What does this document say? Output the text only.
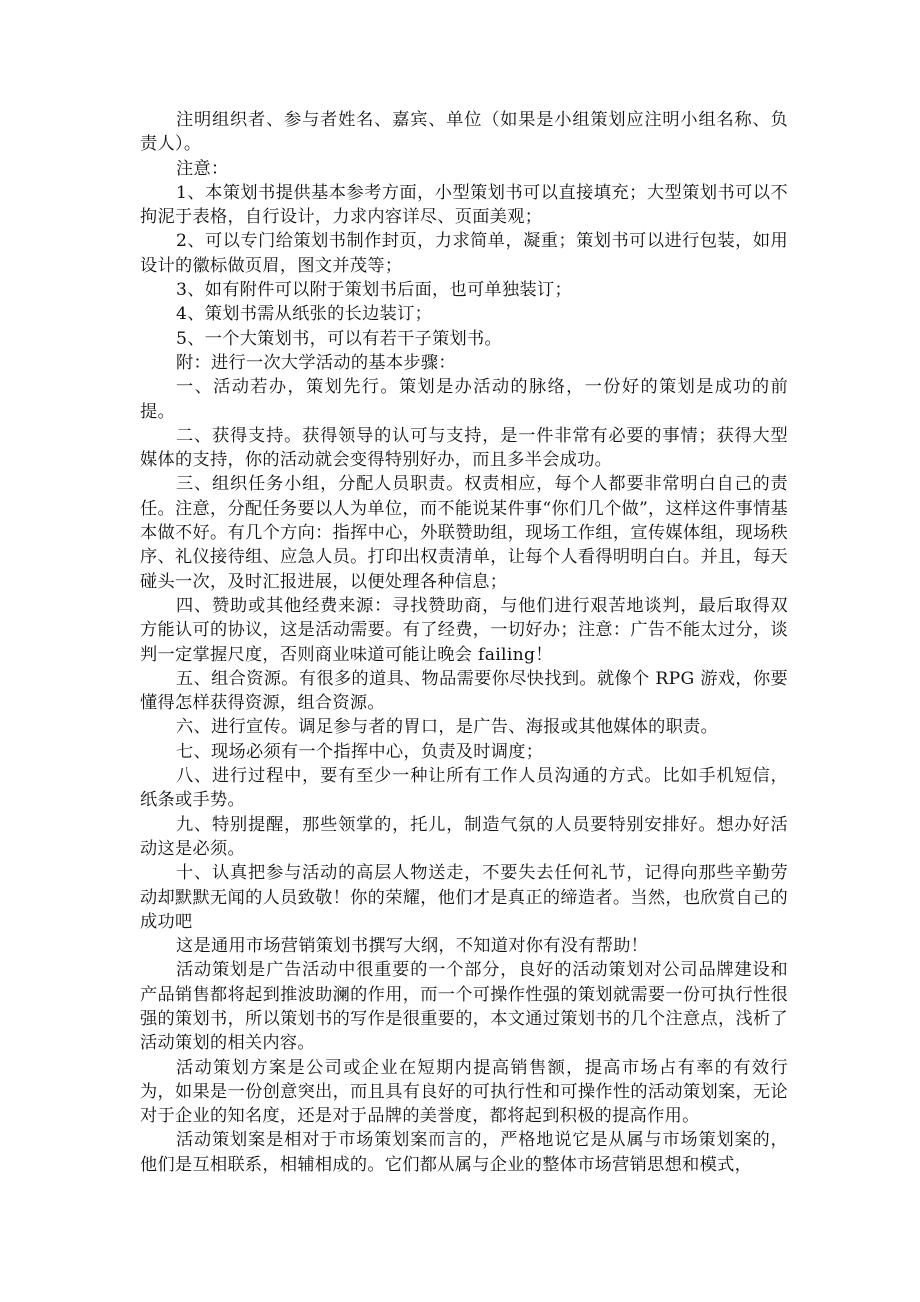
注明组织者、参与者姓名、嘉宾、单位（如果是小组策划应注明小组名称、负责人）。

注意：

1、本策划书提供基本参考方面，小型策划书可以直接填充；大型策划书可以不拘泥于表格，自行设计，力求内容详尽、页面美观；

2、可以专门给策划书制作封页，力求简单，凝重；策划书可以进行包装，如用设计的徽标做页眉，图文并茂等；

3、如有附件可以附于策划书后面，也可单独装订；

4、策划书需从纸张的长边装订；

5、一个大策划书，可以有若干子策划书。

附：进行一次大学活动的基本步骤：

一、活动若办，策划先行。策划是办活动的脉络，一份好的策划是成功的前提。

二、获得支持。获得领导的认可与支持，是一件非常有必要的事情；获得大型媒体的支持，你的活动就会变得特别好办，而且多半会成功。

三、组织任务小组，分配人员职责。权责相应，每个人都要非常明白自己的责任。注意，分配任务要以人为单位，而不能说某件事“你们几个做”，这样这件事情基本做不好。有几个方向：指挥中心，外联赞助组，现场工作组，宣传媒体组，现场秩序、礼仪接待组、应急人员。打印出权责清单，让每个人看得明明白白。并且，每天碰头一次，及时汇报进展，以便处理各种信息；

四、赞助或其他经费来源：寻找赞助商，与他们进行艰苦地谈判，最后取得双方能认可的协议，这是活动需要。有了经费，一切好办；注意：广告不能太过分，谈判一定掌握尺度，否则商业味道可能让晚会 failing！

五、组合资源。有很多的道具、物品需要你尽快找到。就像个 RPG 游戏，你要懂得怎样获得资源，组合资源。

六、进行宣传。调足参与者的胃口，是广告、海报或其他媒体的职责。

七、现场必须有一个指挥中心，负责及时调度；

八、进行过程中，要有至少一种让所有工作人员沟通的方式。比如手机短信，纸条或手势。

九、特别提醒，那些领掌的，托儿，制造气氛的人员要特别安排好。想办好活动这是必须。

十、认真把参与活动的高层人物送走，不要失去任何礼节，记得向那些辛勤劳动却默默无闻的人员致敬！你的荣耀，他们才是真正的缔造者。当然，也欣赏自己的成功吧

这是通用市场营销策划书撰写大纲，不知道对你有没有帮助！

活动策划是广告活动中很重要的一个部分，良好的活动策划对公司品牌建设和产品销售都将起到推波助澜的作用，而一个可操作性强的策划就需要一份可执行性很强的策划书，所以策划书的写作是很重要的，本文通过策划书的几个注意点，浅析了活动策划的相关内容。

活动策划方案是公司或企业在短期内提高销售额，提高市场占有率的有效行为，如果是一份创意突出，而且具有良好的可执行性和可操作性的活动策划案，无论对于企业的知名度，还是对于品牌的美誉度，都将起到积极的提高作用。

活动策划案是相对于市场策划案而言的，严格地说它是从属与市场策划案的，他们是互相联系，相辅相成的。它们都从属与企业的整体市场营销思想和模式，
